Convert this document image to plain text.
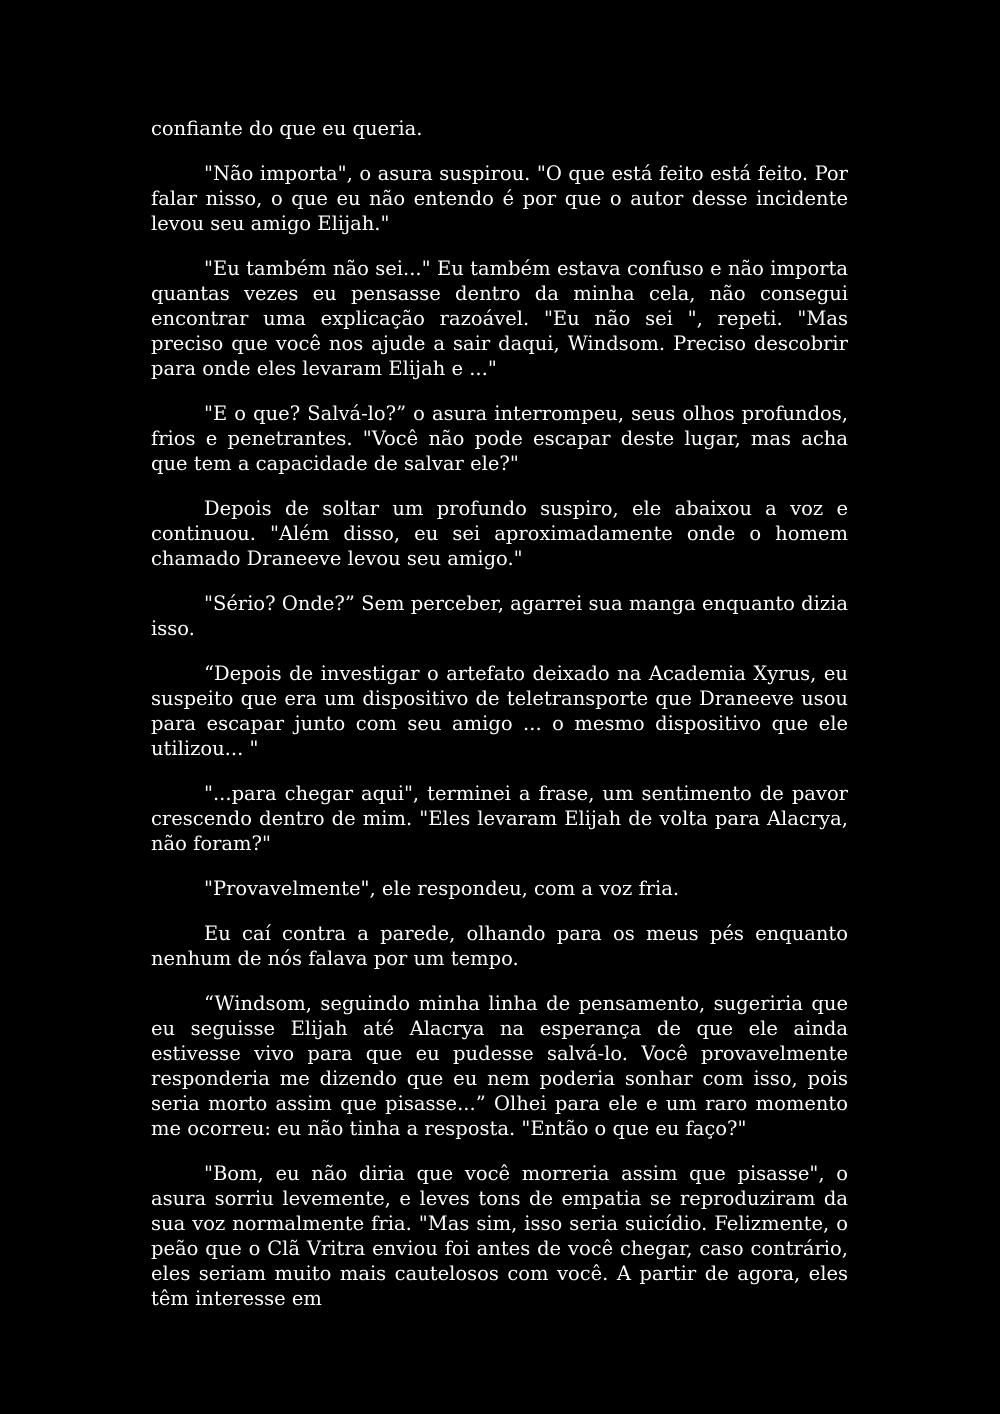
confiante do que eu queria.

"Não importa", o asura suspirou. "O que está feito está feito. Por falar nisso, o que eu não entendo é por que o autor desse incidente levou seu amigo Elijah."

"Eu também não sei..." Eu também estava confuso e não importa quantas vezes eu pensasse dentro da minha cela, não consegui encontrar uma explicação razoável. "Eu não sei ", repeti. "Mas preciso que você nos ajude a sair daqui, Windsom. Preciso descobrir para onde eles levaram Elijah e ..."

"E o que? Salvá-lo?” o asura interrompeu, seus olhos profundos, frios e penetrantes. "Você não pode escapar deste lugar, mas acha que tem a capacidade de salvar ele?"

Depois de soltar um profundo suspiro, ele abaixou a voz e continuou. "Além disso, eu sei aproximadamente onde o homem chamado Draneeve levou seu amigo."

"Sério? Onde?” Sem perceber, agarrei sua manga enquanto dizia isso.

“Depois de investigar o artefato deixado na Academia Xyrus, eu suspeito que era um dispositivo de teletransporte que Draneeve usou para escapar junto com seu amigo ... o mesmo dispositivo que ele utilizou... "

"...para chegar aqui", terminei a frase, um sentimento de pavor crescendo dentro de mim. "Eles levaram Elijah de volta para Alacrya, não foram?"

"Provavelmente", ele respondeu, com a voz fria.

Eu caí contra a parede, olhando para os meus pés enquanto nenhum de nós falava por um tempo.

“Windsom, seguindo minha linha de pensamento, sugeriria que eu seguisse Elijah até Alacrya na esperança de que ele ainda estivesse vivo para que eu pudesse salvá-lo. Você provavelmente responderia me dizendo que eu nem poderia sonhar com isso, pois seria morto assim que pisasse...” Olhei para ele e um raro momento me ocorreu: eu não tinha a resposta. "Então o que eu faço?"

"Bom, eu não diria que você morreria assim que pisasse", o asura sorriu levemente, e leves tons de empatia se reproduziram da sua voz normalmente fria. "Mas sim, isso seria suicídio. Felizmente, o peão que o Clã Vritra enviou foi antes de você chegar, caso contrário, eles seriam muito mais cautelosos com você. A partir de agora, eles têm interesse em
